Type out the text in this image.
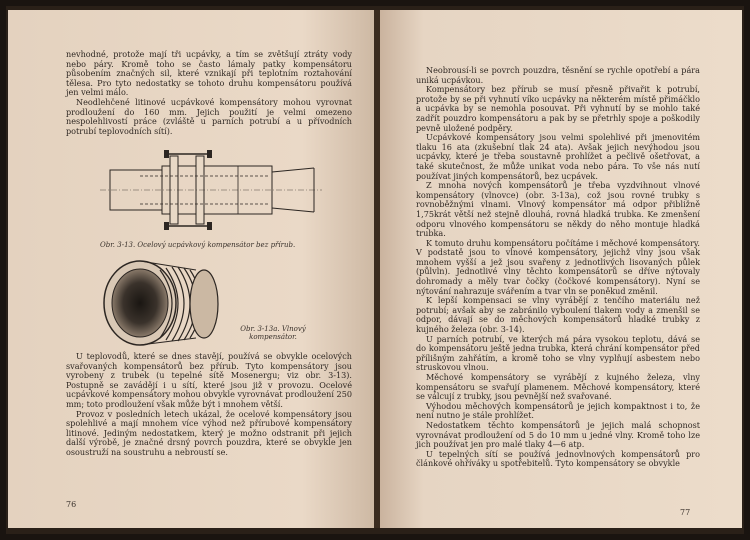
nevhodné, protože mají tři ucpávky, a tím se zvětšují ztráty vody nebo páry. Kromě toho se často lámaly patky kompensátoru působením značných sil, které vznikají při teplotním roztahování tělesa. Pro tyto nedostatky se tohoto druhu kompensátoru používá jen velmi málo.

Neodlehčené litinové ucpávkové kompensátory mohou vyrovnat prodloužení do 160 mm. Jejich použití je velmi omezeno nespolehlivostí práce (zvláště u parních potrubí a u přívodních potrubí teplovodních sítí).

Obr. 3-13. Ocelový ucpávkový kompensátor bez přírub.
Obr. 3-13a. Vlnový kompensátor.

U teplovodů, které se dnes stavějí, používá se obvykle ocelových svařovaných kompensátorů bez přírub. Tyto kompensátory jsou vyrobeny z trubek (u tepelné sítě Mosenergu; viz obr. 3-13). Postupně se zavádějí i u sítí, které jsou již v provozu. Ocelové ucpávkové kompensátory mohou obvykle vyrovnávat prodloužení 250 mm; toto prodloužení však může být i mnohem větší.

Provoz v posledních letech ukázal, že ocelové kompensátory jsou spolehlivé a mají mnohem více výhod než přírubové kompensátory litinové. Jediným nedostatkem, který je možno odstranit při jejich další výrobě, je značné drsný povrch pouzdra, které se obvykle jen osoustruží na soustruhu a nebroustí se.

76

Neobrousí-li se povrch pouzdra, těsnění se rychle opotřebí a pára uniká ucpávkou.

Kompensátory bez přírub se musí přesně přivařit k potrubí, protože by se při vyhnutí víko ucpávky na některém místě přimáčklo a ucpávka by se nemohla posouvat. Při vyhnutí by se mohlo také zadřít pouzdro kompensátoru a pak by se přetrhly spoje a poškodily pevně uložené podpěry.

Ucpávkové kompensátory jsou velmi spolehlivé při jmenovitém tlaku 16 ata (zkušební tlak 24 ata). Avšak jejich nevýhodou jsou ucpávky, které je třeba soustavně prohlížet a pečlivě ošetřovat, a také skutečnost, že může unikat voda nebo pára. To vše nás nutí používat jiných kompensátorů, bez ucpávek.

Z mnoha nových kompensátorů je třeba vyzdvihnout vlnové kompensátory (vlnovce) (obr. 3-13a), což jsou rovné trubky s rovnoběžnými vlnami. Vlnový kompensátor má odpor přibližně 1,75krát větší než stejně dlouhá, rovná hladká trubka. Ke zmenšení odporu vlnového kompensátoru se někdy do něho montuje hladká trubka.

K tomuto druhu kompensátoru počítáme i měchové kompensátory. V podstatě jsou to vlnové kompensátory, jejichž vlny jsou však mnohem vyšší a jež jsou svařeny z jednotlivých lisovaných půlek (půlvln). Jednotlivé vlny těchto kompensátorů se dříve nýtovaly dohromady a měly tvar čočky (čočkové kompensátory). Nyní se nýtování nahrazuje svářením a tvar vln se poněkud změnil.

K lepší kompensaci se vlny vyrábějí z tenčího materiálu než potrubí; avšak aby se zabránilo vyboulení tlakem vody a zmenšil se odpor, dávají se do měchových kompensátorů hladké trubky z kujného železa (obr. 3-14).

U parních potrubí, ve kterých má pára vysokou teplotu, dává se do kompensátoru ještě jedna trubka, která chrání kompensátor před přílišným zahřátím, a kromě toho se vlny vyplňují asbestem nebo struskovou vlnou.

Měchové kompensátory se vyrábějí z kujného železa, vlny kompensátoru se svařují plamenem. Měchové kompensátory, které se válcují z trubky, jsou pevnější než svařované.

Výhodou měchových kompensátorů je jejich kompaktnost i to, že není nutno je stále prohlížet.

Nedostatkem těchto kompensátorů je jejich malá schopnost vyrovnávat prodloužení od 5 do 10 mm u jedné vlny. Kromě toho lze jich používat jen pro malé tlaky 4—6 atp.

U tepelných sítí se používá jednovlnových kompensátorů pro článkové ohříváky u spotřebitelů. Tyto kompensátory se obvykle

77
